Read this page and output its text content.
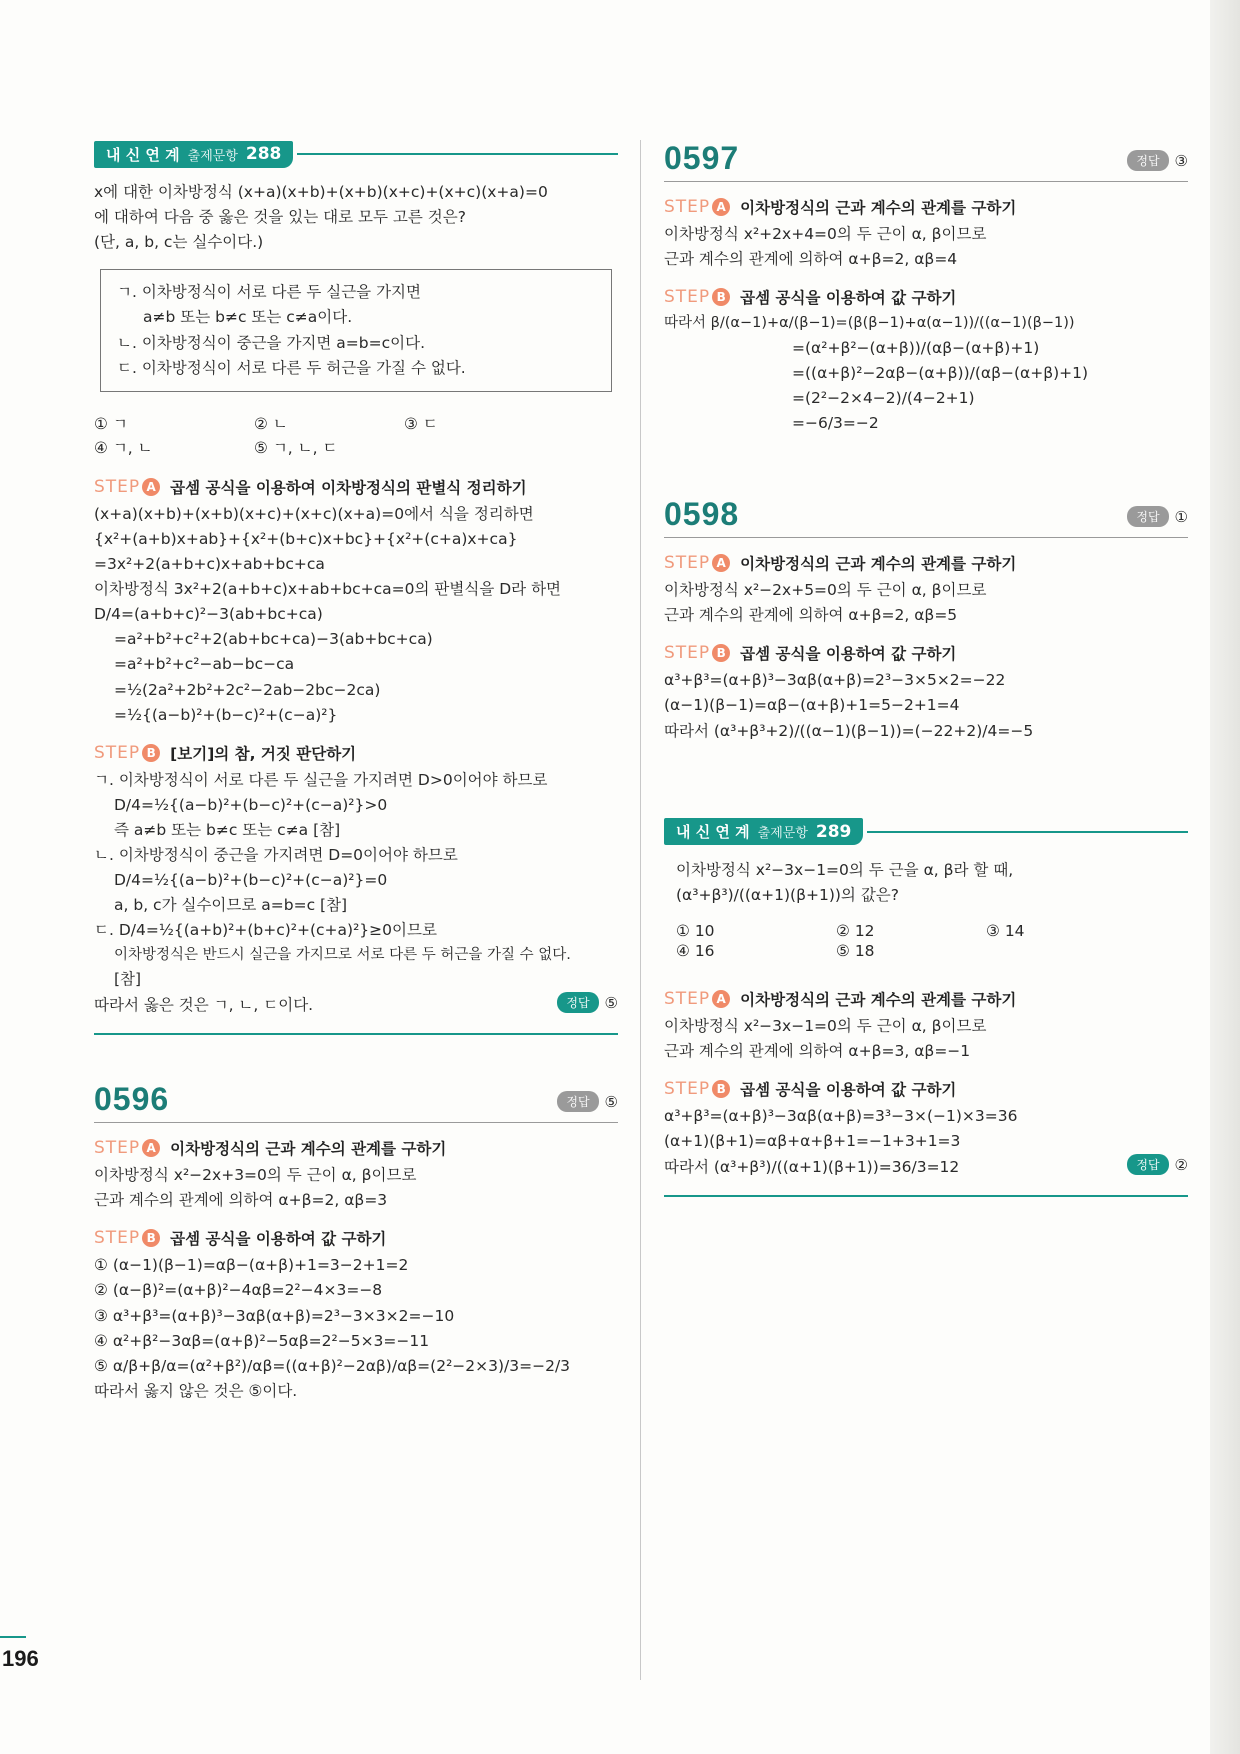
내 신 연 계 출제문항 288
x에 대한 이차방정식 (x+a)(x+b)+(x+b)(x+c)+(x+c)(x+a)=0
에 대하여 다음 중 옳은 것을 있는 대로 모두 고른 것은?
(단, a, b, c는 실수이다.)
ㄱ. 이차방정식이 서로 다른 두 실근을 가지면
a≠b 또는 b≠c 또는 c≠a이다.
ㄴ. 이차방정식이 중근을 가지면 a=b=c이다.
ㄷ. 이차방정식이 서로 다른 두 허근을 가질 수 없다.
① ㄱ	② ㄴ	③ ㄷ
④ ㄱ, ㄴ	⑤ ㄱ, ㄴ, ㄷ
STEP A 곱셈 공식을 이용하여 이차방정식의 판별식 정리하기
(x+a)(x+b)+(x+b)(x+c)+(x+c)(x+a)=0에서 식을 정리하면
{x²+(a+b)x+ab}+{x²+(b+c)x+bc}+{x²+(c+a)x+ca}
=3x²+2(a+b+c)x+ab+bc+ca
이차방정식 3x²+2(a+b+c)x+ab+bc+ca=0의 판별식을 D라 하면
D/4=(a+b+c)²−3(ab+bc+ca)
=a²+b²+c²+2(ab+bc+ca)−3(ab+bc+ca)
=a²+b²+c²−ab−bc−ca
=½(2a²+2b²+2c²−2ab−2bc−2ca)
=½{(a−b)²+(b−c)²+(c−a)²}
STEP B [보기]의 참, 거짓 판단하기
ㄱ. 이차방정식이 서로 다른 두 실근을 가지려면 D>0이어야 하므로
D/4=½{(a−b)²+(b−c)²+(c−a)²}>0
즉 a≠b 또는 b≠c 또는 c≠a [참]
ㄴ. 이차방정식이 중근을 가지려면 D=0이어야 하므로
D/4=½{(a−b)²+(b−c)²+(c−a)²}=0
a, b, c가 실수이므로 a=b=c [참]
ㄷ. D/4=½{(a+b)²+(b+c)²+(c+a)²}≥0이므로
이차방정식은 반드시 실근을 가지므로 서로 다른 두 허근을 가질 수 없다.
[참]
따라서 옳은 것은 ㄱ, ㄴ, ㄷ이다.	정답	⑤
0596	정답	⑤
STEP A 이차방정식의 근과 계수의 관계를 구하기
이차방정식 x²−2x+3=0의 두 근이 α, β이므로
근과 계수의 관계에 의하여 α+β=2, αβ=3
STEP B 곱셈 공식을 이용하여 값 구하기
① (α−1)(β−1)=αβ−(α+β)+1=3−2+1=2
② (α−β)²=(α+β)²−4αβ=2²−4×3=−8
③ α³+β³=(α+β)³−3αβ(α+β)=2³−3×3×2=−10
④ α²+β²−3αβ=(α+β)²−5αβ=2²−5×3=−11
⑤ α/β+β/α=(α²+β²)/αβ=((α+β)²−2αβ)/αβ=(2²−2×3)/3=−2/3
따라서 옳지 않은 것은 ⑤이다.
0597	정답	③
STEP A 이차방정식의 근과 계수의 관계를 구하기
이차방정식 x²+2x+4=0의 두 근이 α, β이므로
근과 계수의 관계에 의하여 α+β=2, αβ=4
STEP B 곱셈 공식을 이용하여 값 구하기
따라서 β/(α−1)+α/(β−1)=(β(β−1)+α(α−1))/((α−1)(β−1))
=(α²+β²−(α+β))/(αβ−(α+β)+1)
=((α+β)²−2αβ−(α+β))/(αβ−(α+β)+1)
=(2²−2×4−2)/(4−2+1)
=−6/3=−2
0598	정답	①
STEP A 이차방정식의 근과 계수의 관계를 구하기
이차방정식 x²−2x+5=0의 두 근이 α, β이므로
근과 계수의 관계에 의하여 α+β=2, αβ=5
STEP B 곱셈 공식을 이용하여 값 구하기
α³+β³=(α+β)³−3αβ(α+β)=2³−3×5×2=−22
(α−1)(β−1)=αβ−(α+β)+1=5−2+1=4
따라서 (α³+β³+2)/((α−1)(β−1))=(−22+2)/4=−5
내 신 연 계 출제문항 289
이차방정식 x²−3x−1=0의 두 근을 α, β라 할 때,
(α³+β³)/((α+1)(β+1))의 값은?
① 10	② 12	③ 14
④ 16	⑤ 18
STEP A 이차방정식의 근과 계수의 관계를 구하기
이차방정식 x²−3x−1=0의 두 근이 α, β이므로
근과 계수의 관계에 의하여 α+β=3, αβ=−1
STEP B 곱셈 공식을 이용하여 값 구하기
α³+β³=(α+β)³−3αβ(α+β)=3³−3×(−1)×3=36
(α+1)(β+1)=αβ+α+β+1=−1+3+1=3
따라서 (α³+β³)/((α+1)(β+1))=36/3=12	정답	②
196
